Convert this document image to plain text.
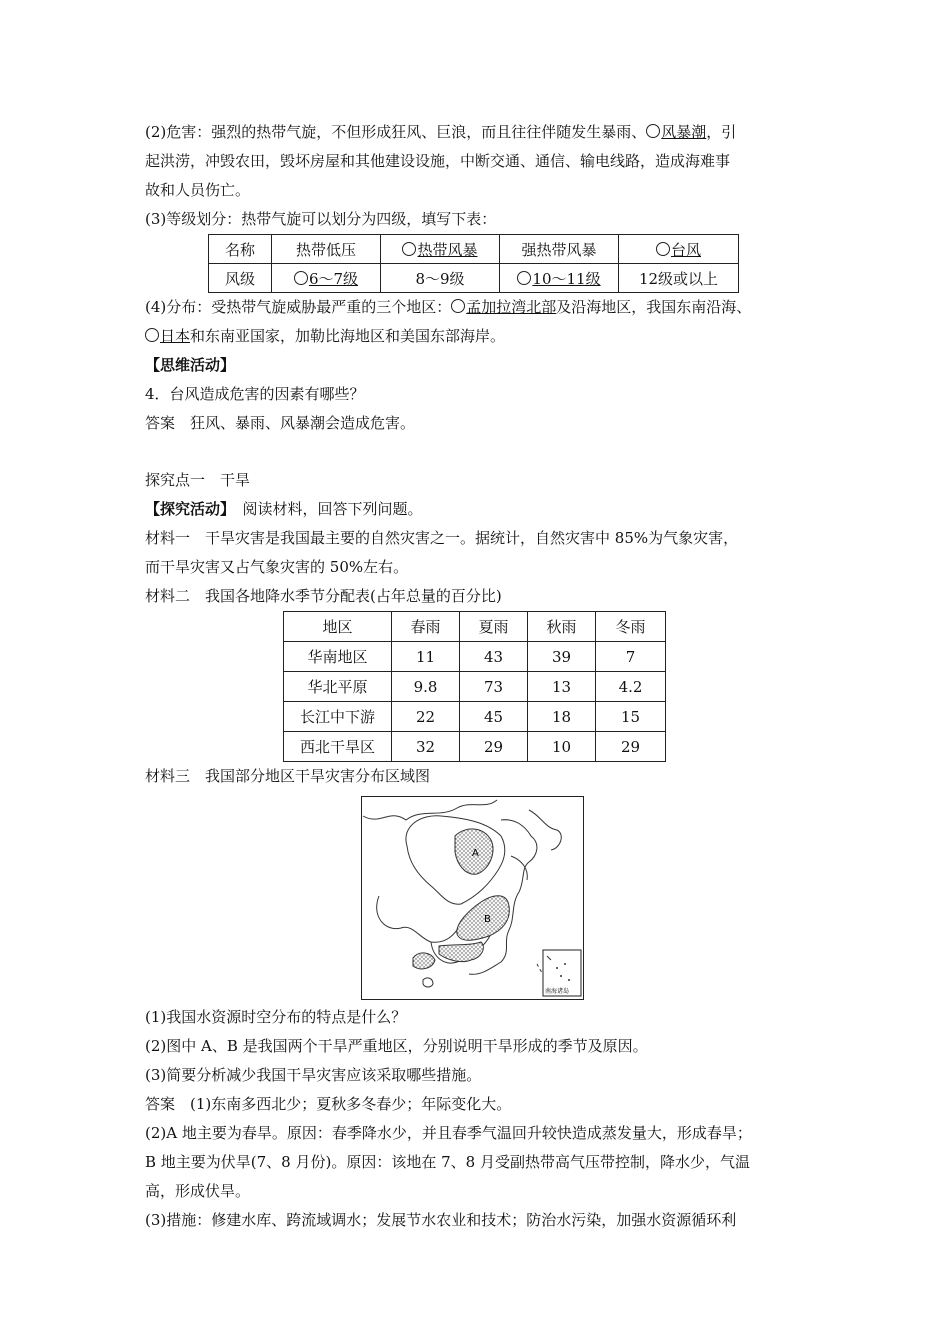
(2)危害：强烈的热带气旋，不但形成狂风、巨浪，而且往往伴随发生暴雨、 风暴潮，引

起洪涝，冲毁农田，毁坏房屋和其他建设设施，中断交通、通信、输电线路，造成海难事

故和人员伤亡。

(3)等级划分：热带气旋可以划分为四级，填写下表：

名称	热带低压	热带风暴	强热带风暴	台风
风级	6～7级	8～9级	10～11级	12级或以上

(4)分布：受热带气旋威胁最严重的三个地区： 孟加拉湾北部及沿海地区，我国东南沿海、

日本和东南亚国家，加勒比海地区和美国东部海岸。

【思维活动】

4．台风造成危害的因素有哪些？

答案　狂风、暴雨、风暴潮会造成危害。

探究点一　干旱

【探究活动】  阅读材料，回答下列问题。

材料一　干旱灾害是我国最主要的自然灾害之一。据统计，自然灾害中 85%为气象灾害，

而干旱灾害又占气象灾害的 50%左右。

材料二　我国各地降水季节分配表(占年总量的百分比)

地区	春雨	夏雨	秋雨	冬雨
华南地区	11	43	39	7
华北平原	9.8	73	13	4.2
长江中下游	22	45	18	15
西北干旱区	32	29	10	29

材料三　我国部分地区干旱灾害分布区域图

A
B
南海诸岛

(1)我国水资源时空分布的特点是什么？

(2)图中 A、B 是我国两个干旱严重地区，分别说明干旱形成的季节及原因。

(3)简要分析减少我国干旱灾害应该采取哪些措施。

答案　(1)东南多西北少；夏秋多冬春少；年际变化大。

(2)A 地主要为春旱。原因：春季降水少，并且春季气温回升较快造成蒸发量大，形成春旱；

B 地主要为伏旱(7、8 月份)。原因：该地在 7、8 月受副热带高气压带控制，降水少，气温

高，形成伏旱。

(3)措施：修建水库、跨流域调水；发展节水农业和技术；防治水污染，加强水资源循环利
